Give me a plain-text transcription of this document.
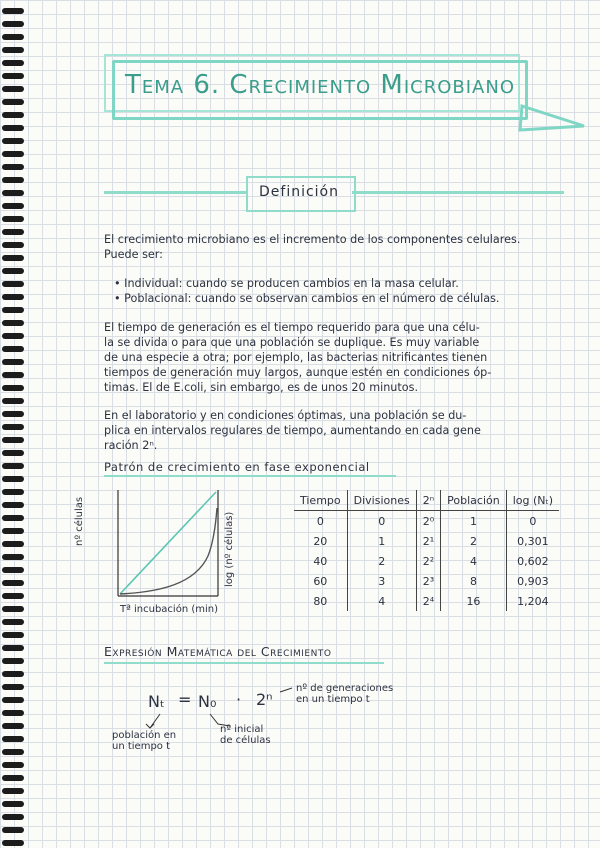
Tema 6. Crecimiento Microbiano
Definición
El crecimiento microbiano es el incremento de los componentes celulares.
Puede ser:
• Individual: cuando se producen cambios en la masa celular.
• Poblacional: cuando se observan cambios en el número de células.
El tiempo de generación es el tiempo requerido para que una célu-
la se divida o para que una población se duplique. Es muy variable
de una especie a otra; por ejemplo, las bacterias nitrificantes tienen
tiempos de generación muy largos, aunque estén en condiciones óp-
timas. El de E.coli, sin embargo, es de unos 20 minutos.
En el laboratorio y en condiciones óptimas, una población se du-
plica en intervalos regulares de tiempo, aumentando en cada gene
ración 2ⁿ.
Patrón de crecimiento en fase exponencial
nº células	log (nº células)
Tª incubación (min)
Tiempo	Divisiones	2ⁿ	Población	log (Nₜ)
0	0	2⁰	1	0
20	1	2¹	2	0,301
40	2	2²	4	0,602
60	3	2³	8	0,903
80	4	2⁴	16	1,204
Expresión Matemática del Crecimiento
Nₜ = N₀ · 2ⁿ
nº de generaciones
en un tiempo t
población en
un tiempo t
nº inicial
de células
